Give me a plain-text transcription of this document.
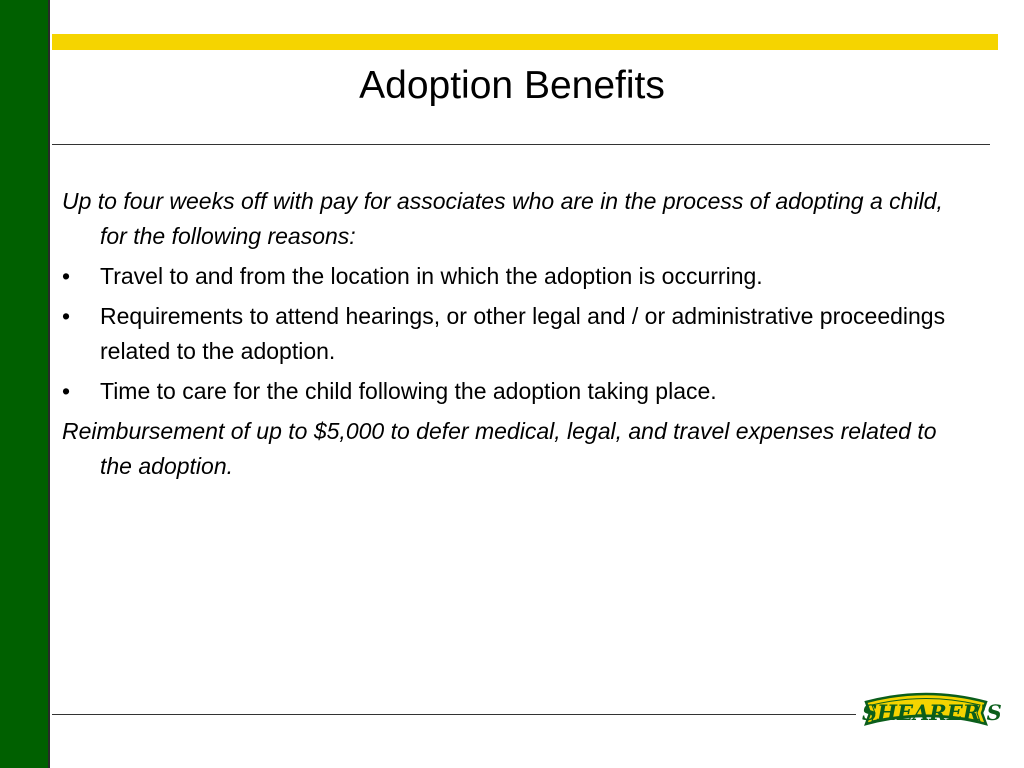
Adoption Benefits

Up to four weeks off with pay for associates who are in the process of adopting a child, for the following reasons:

•	Travel to and from the location in which the adoption is occurring.
•	Requirements to attend hearings, or other legal and / or administrative proceedings related to the adoption.
•	Time to care for the child following the adoption taking place.

Reimbursement of up to $5,000 to defer medical, legal, and travel expenses related to the adoption.

SHEARER'S
